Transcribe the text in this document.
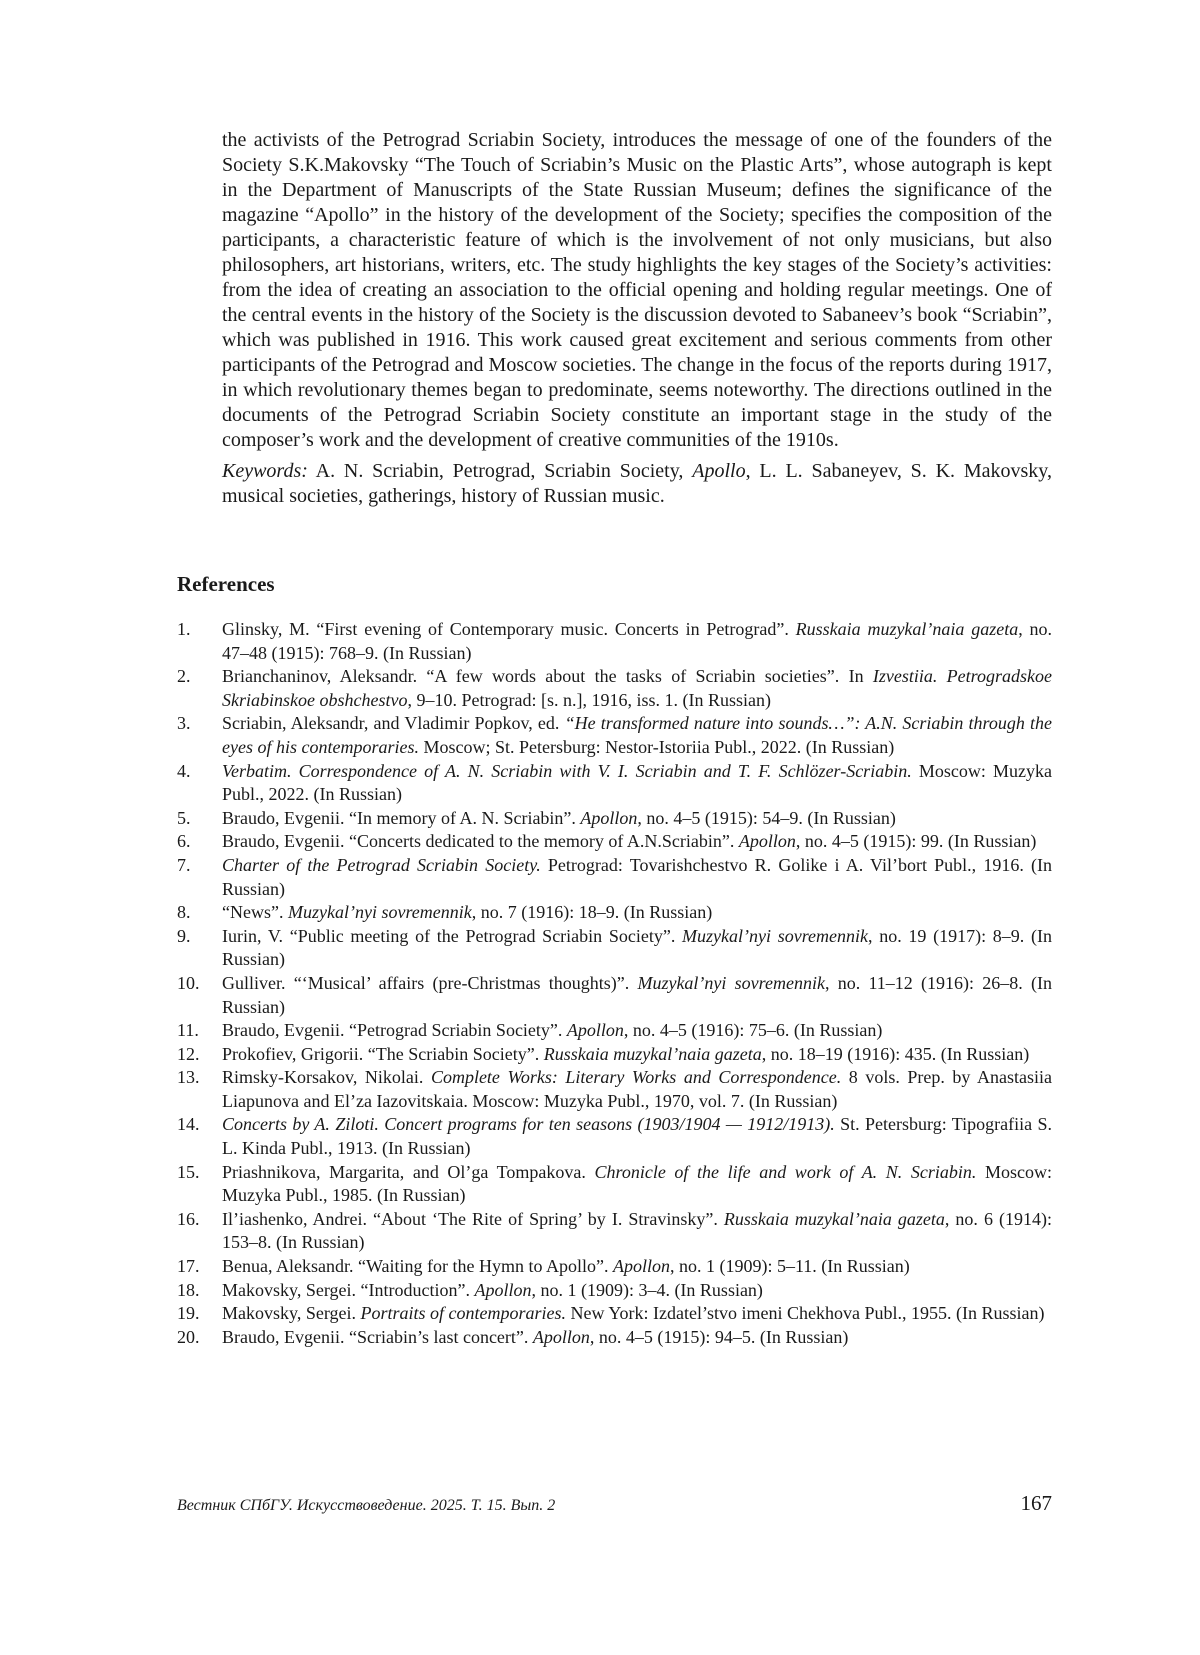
the activists of the Petrograd Scriabin Society, introduces the message of one of the founders of the Society S.K.Makovsky “The Touch of Scriabin’s Music on the Plastic Arts”, whose autograph is kept in the Department of Manuscripts of the State Russian Museum; defines the significance of the magazine “Apollo” in the history of the development of the Society; specifies the composition of the participants, a characteristic feature of which is the involvement of not only musicians, but also philosophers, art historians, writers, etc. The study highlights the key stages of the Society’s activities: from the idea of creating an association to the official opening and holding regular meetings. One of the central events in the history of the Society is the discussion devoted to Sabaneev’s book “Scriabin”, which was published in 1916. This work caused great excitement and serious comments from other participants of the Petrograd and Moscow societies. The change in the focus of the reports during 1917, in which revolutionary themes began to predominate, seems noteworthy. The directions outlined in the documents of the Petrograd Scriabin Society constitute an important stage in the study of the composer’s work and the development of creative communities of the 1910s.

Keywords: A. N. Scriabin, Petrograd, Scriabin Society, Apollo, L. L. Sabaneyev, S. K. Makovsky, musical societies, gatherings, history of Russian music.

References
1.	Glinsky, M. “First evening of Contemporary music. Concerts in Petrograd”. Russkaia muzykal’naia gazeta, no. 47–48 (1915): 768–9. (In Russian)
2.	Brianchaninov, Aleksandr. “A few words about the tasks of Scriabin societies”. In Izvestiia. Petrogradskoe Skriabinskoe obshchestvo, 9–10. Petrograd: [s. n.], 1916, iss. 1. (In Russian)
3.	Scriabin, Aleksandr, and Vladimir Popkov, ed. “He transformed nature into sounds…”: A.N. Scriabin through the eyes of his contemporaries. Moscow; St. Petersburg: Nestor-Istoriia Publ., 2022. (In Russian)
4.	Verbatim. Correspondence of A. N. Scriabin with V. I. Scriabin and T. F. Schlözer-Scriabin. Moscow: Muzyka Publ., 2022. (In Russian)
5.	Braudo, Evgenii. “In memory of A. N. Scriabin”. Apollon, no. 4–5 (1915): 54–9. (In Russian)
6.	Braudo, Evgenii. “Concerts dedicated to the memory of A.N.Scriabin”. Apollon, no. 4–5 (1915): 99. (In Russian)
7.	Charter of the Petrograd Scriabin Society. Petrograd: Tovarishchestvo R. Golike i A. Vil’bort Publ., 1916. (In Russian)
8.	“News”. Muzykal’nyi sovremennik, no. 7 (1916): 18–9. (In Russian)
9.	Iurin, V. “Public meeting of the Petrograd Scriabin Society”. Muzykal’nyi sovremennik, no. 19 (1917): 8–9. (In Russian)
10.	Gulliver. “‘Musical’ affairs (pre-Christmas thoughts)”. Muzykal’nyi sovremennik, no. 11–12 (1916): 26–8. (In Russian)
11.	Braudo, Evgenii. “Petrograd Scriabin Society”. Apollon, no. 4–5 (1916): 75–6. (In Russian)
12.	Prokofiev, Grigorii. “The Scriabin Society”. Russkaia muzykal’naia gazeta, no. 18–19 (1916): 435. (In Russian)
13.	Rimsky-Korsakov, Nikolai. Complete Works: Literary Works and Correspondence. 8 vols. Prep. by Anastasiia Liapunova and El’za Iazovitskaia. Moscow: Muzyka Publ., 1970, vol. 7. (In Russian)
14.	Concerts by A. Ziloti. Concert programs for ten seasons (1903/1904 — 1912/1913). St. Petersburg: Tipografiia S. L. Kinda Publ., 1913. (In Russian)
15.	Priashnikova, Margarita, and Ol’ga Tompakova. Chronicle of the life and work of A. N. Scriabin. Moscow: Muzyka Publ., 1985. (In Russian)
16.	Il’iashenko, Andrei. “About ‘The Rite of Spring’ by I. Stravinsky”. Russkaia muzykal’naia gazeta, no. 6 (1914): 153–8. (In Russian)
17.	Benua, Aleksandr. “Waiting for the Hymn to Apollo”. Apollon, no. 1 (1909): 5–11. (In Russian)
18.	Makovsky, Sergei. “Introduction”. Apollon, no. 1 (1909): 3–4. (In Russian)
19.	Makovsky, Sergei. Portraits of contemporaries. New York: Izdatel’stvo imeni Chekhova Publ., 1955. (In Russian)
20.	Braudo, Evgenii. “Scriabin’s last concert”. Apollon, no. 4–5 (1915): 94–5. (In Russian)
Вестник СПбГУ. Искусствоведение. 2025. Т. 15. Вып. 2	167
